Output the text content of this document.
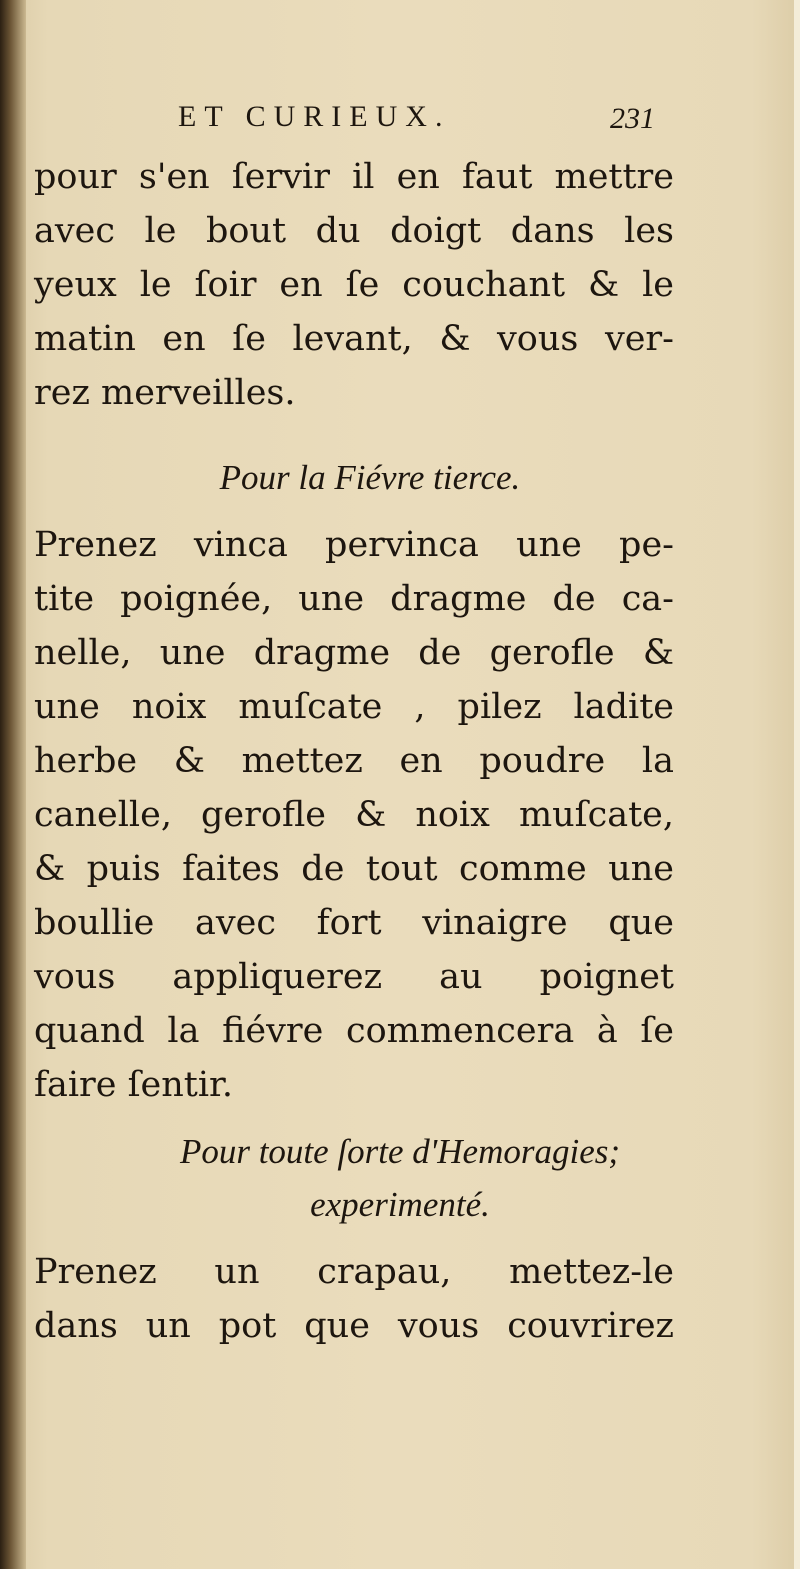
ET CURIEUX.	231
pour s'en ſervir il en faut mettre
avec le bout du doigt dans les
yeux le ſoir en ſe couchant & le
matin en ſe levant, & vous ver-
rez merveilles.
Pour la Fiévre tierce.
Prenez vinca pervinca une pe-
tite poignée, une dragme de ca-
nelle, une dragme de gerofle &
une noix muſcate , pilez ladite
herbe & mettez en poudre la
canelle, gerofle & noix muſcate,
& puis faites de tout comme une
boullie avec fort vinaigre que
vous appliquerez au poignet
quand la fiévre commencera à ſe
faire ſentir.
Pour toute ſorte d'Hemoragies;
experimenté.
Prenez un crapau, mettez-le
dans un pot que vous couvrirez
